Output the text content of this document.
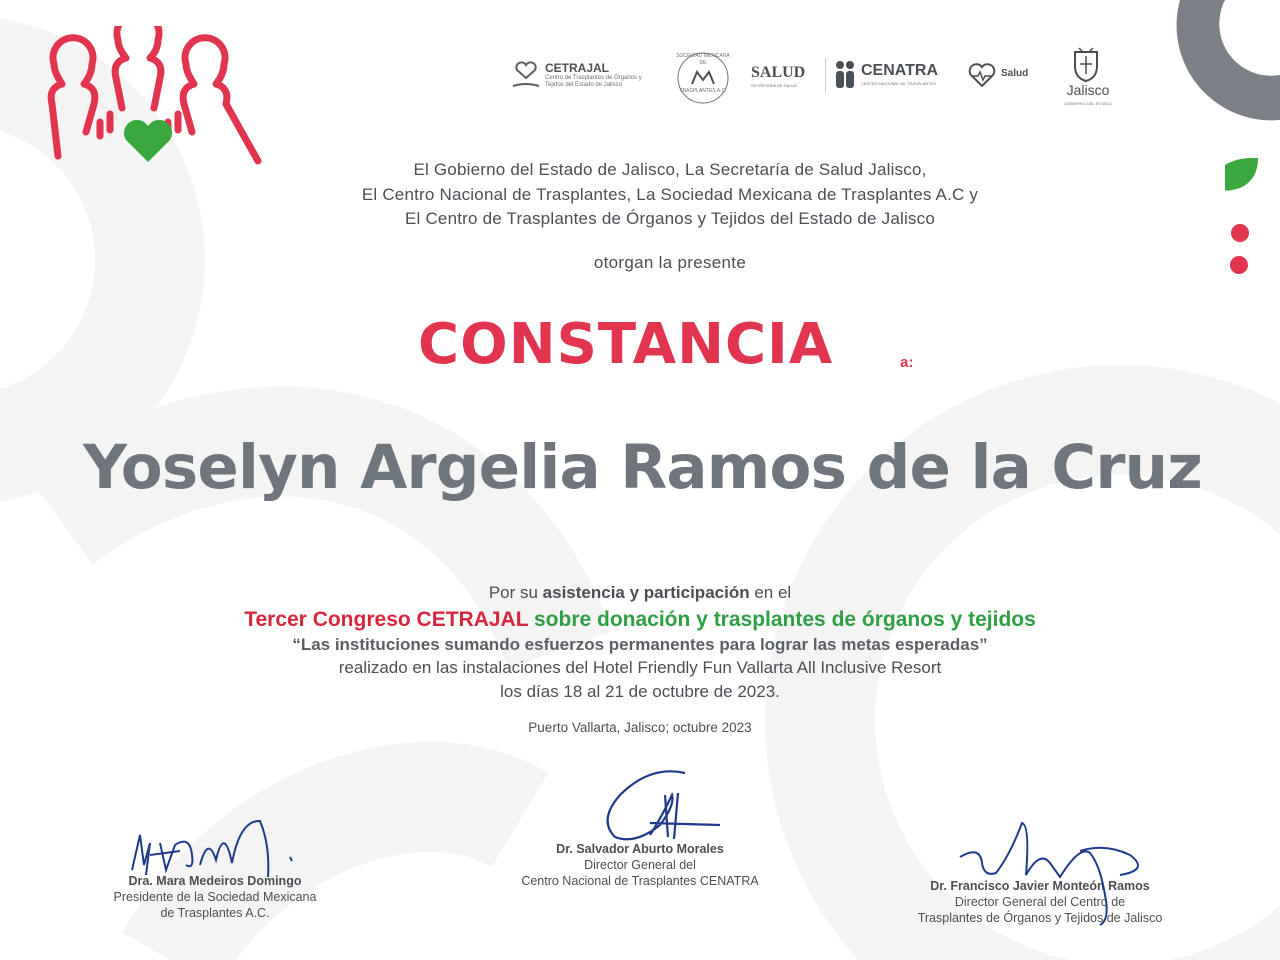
CETRAJAL
Centro de Trasplantes de Órganos y Tejidos del Estado de Jalisco
SOCIEDAD MEXICANA DE
TRASPLANTES A.C.
SALUD
SECRETARÍA DE SALUD
CENATRA
CENTRO NACIONAL DE TRASPLANTES
Salud
Jalisco
GOBIERNO DEL ESTADO
El Gobierno del Estado de Jalisco, La Secretaría de Salud Jalisco,
El Centro Nacional de Trasplantes, La Sociedad Mexicana de Trasplantes A.C y
El Centro de Trasplantes de Órganos y Tejidos del Estado de Jalisco
otorgan la presente
CONSTANCIA	a:
Yoselyn Argelia Ramos de la Cruz
Por su asistencia y participación en el
Tercer Congreso CETRAJAL sobre donación y trasplantes de órganos y tejidos
“Las instituciones sumando esfuerzos permanentes para lograr las metas esperadas”
realizado en las instalaciones del Hotel Friendly Fun Vallarta All Inclusive Resort
los días 18 al 21 de octubre de 2023.
Puerto Vallarta, Jalisco; octubre 2023
Dra. Mara Medeiros Domingo
Presidente de la Sociedad Mexicana
de Trasplantes A.C.
Dr. Salvador Aburto Morales
Director General del
Centro Nacional de Trasplantes CENATRA	Dr. Francisco Javier Monteón Ramos
Director General del Centro de
Trasplantes de Órganos y Tejidos de Jalisco
